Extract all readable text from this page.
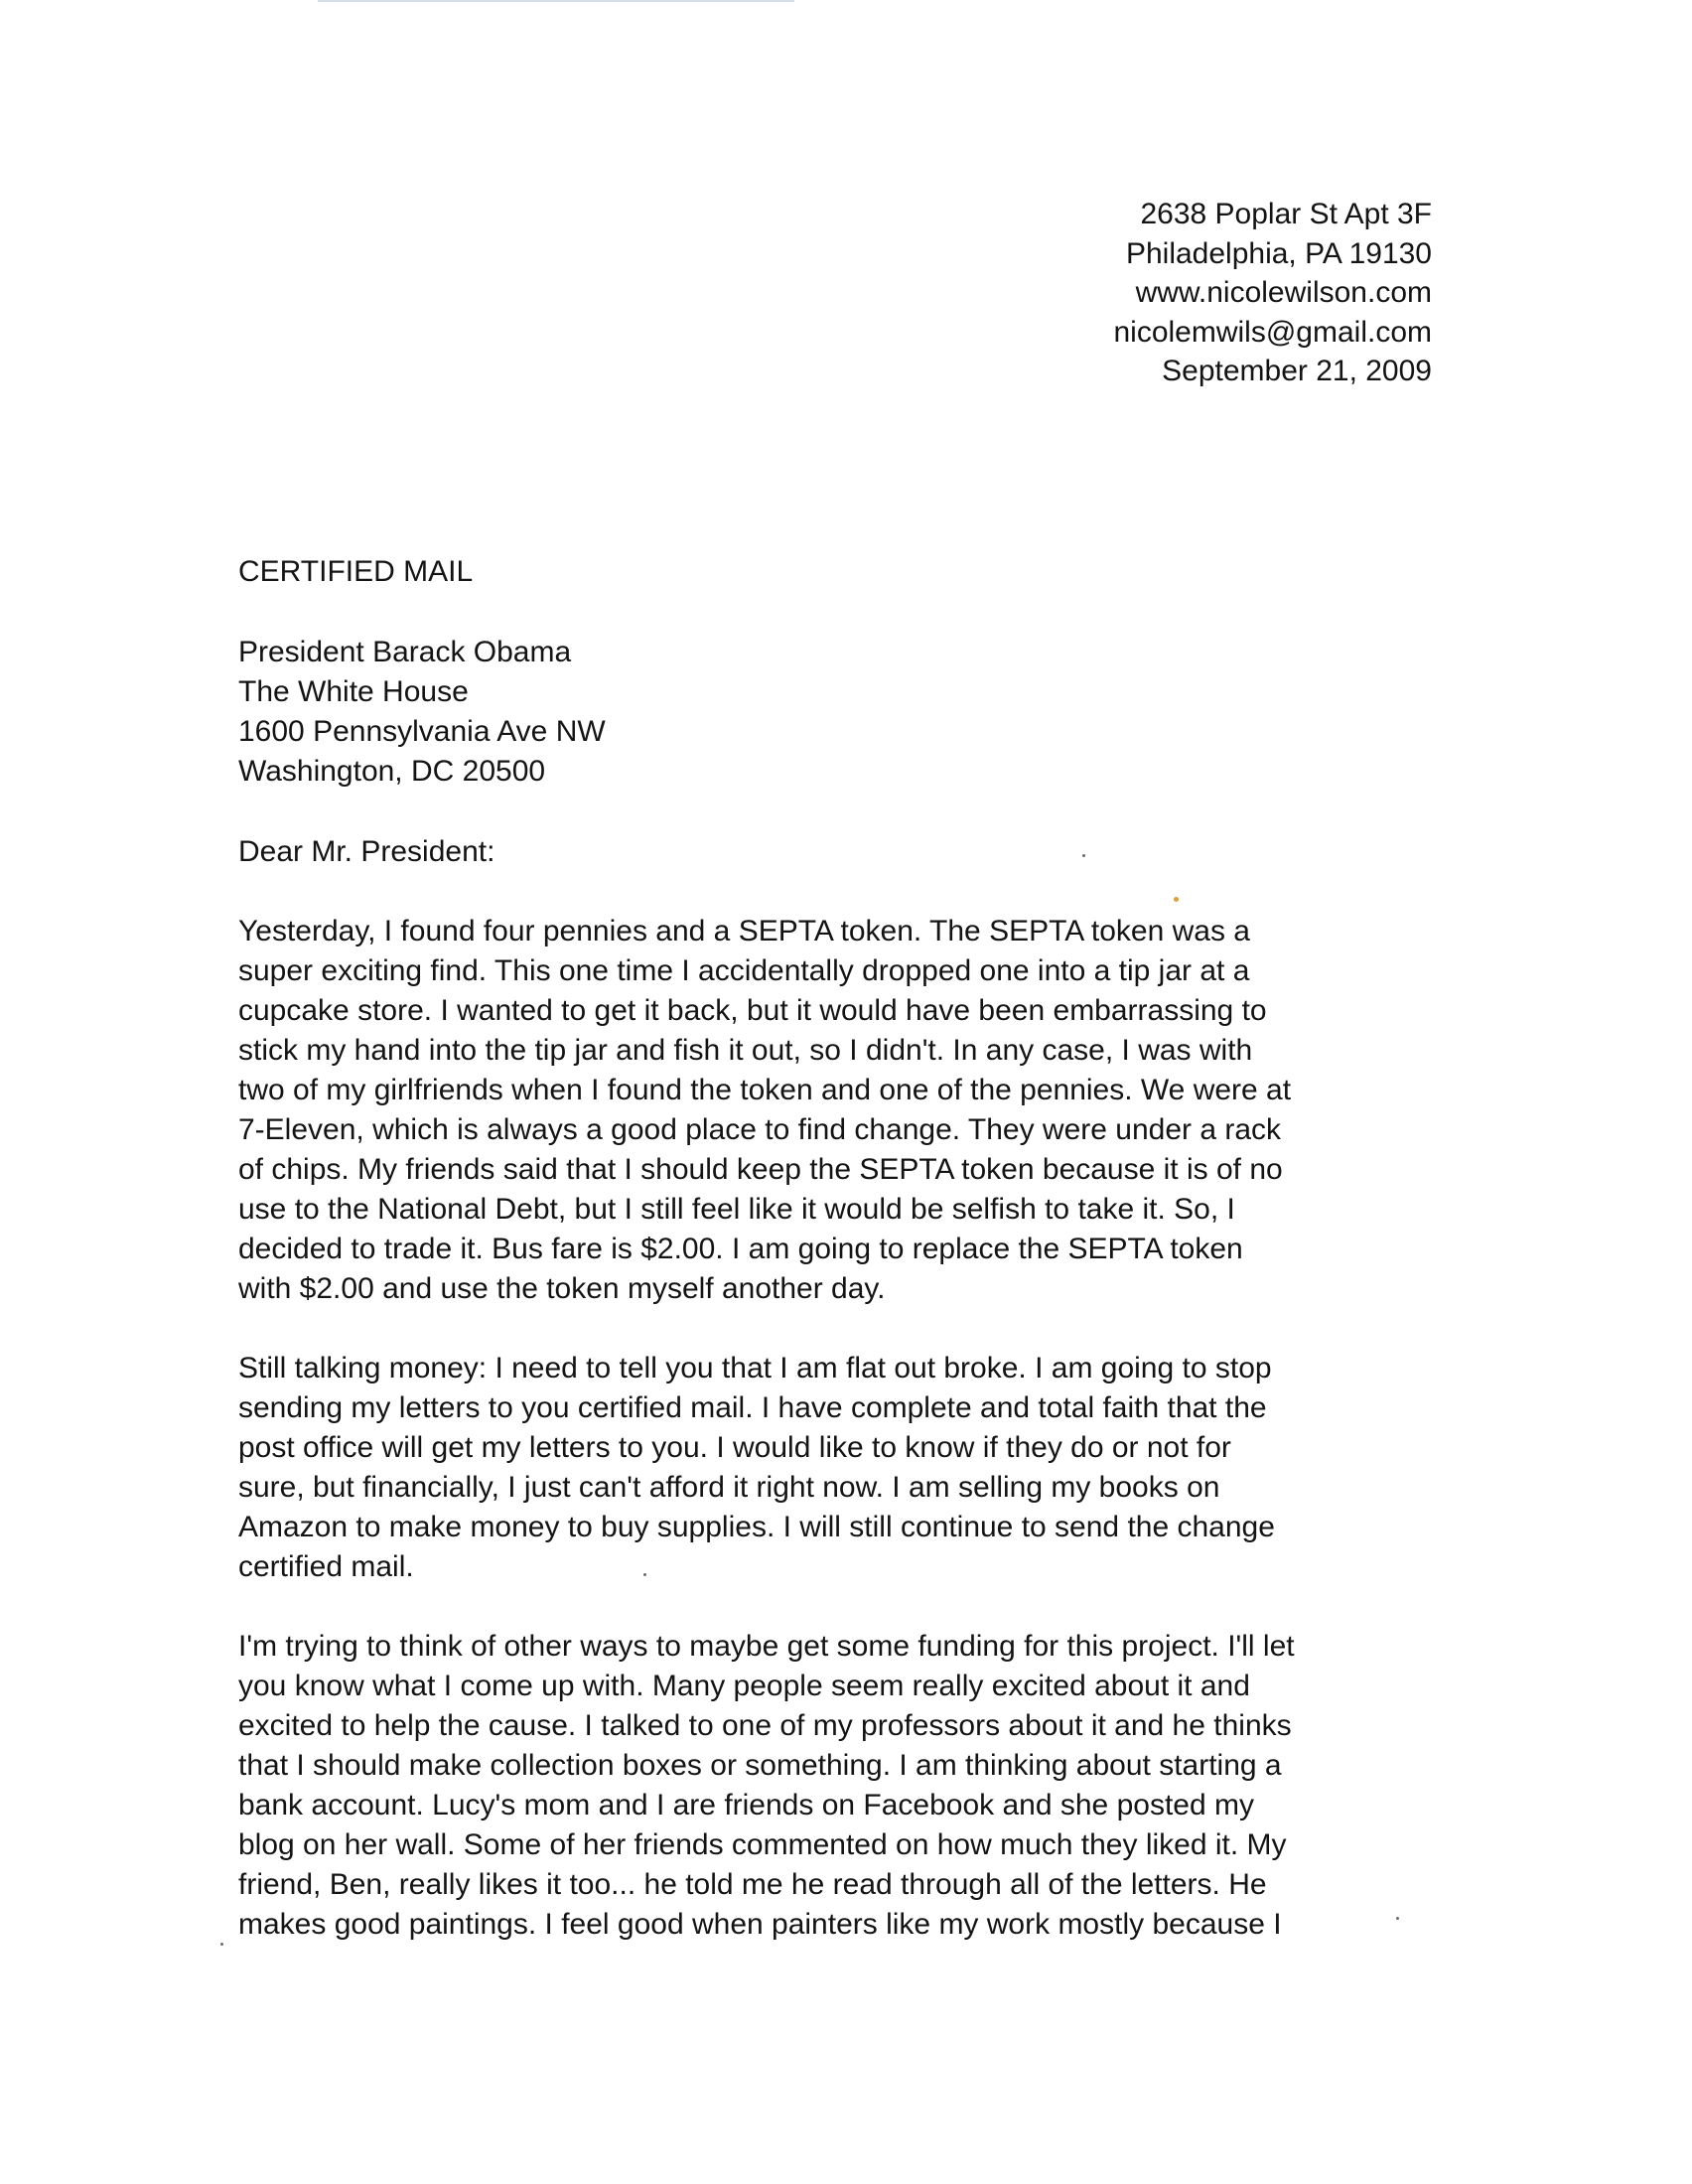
2638 Poplar St Apt 3F
Philadelphia, PA 19130
www.nicolewilson.com
nicolemwils@gmail.com
September 21, 2009
CERTIFIED MAIL
President Barack Obama
The White House
1600 Pennsylvania Ave NW
Washington, DC 20500
Dear Mr. President:
Yesterday, I found four pennies and a SEPTA token. The SEPTA token was a
super exciting find. This one time I accidentally dropped one into a tip jar at a
cupcake store. I wanted to get it back, but it would have been embarrassing to
stick my hand into the tip jar and fish it out, so I didn't. In any case, I was with
two of my girlfriends when I found the token and one of the pennies. We were at
7-Eleven, which is always a good place to find change. They were under a rack
of chips. My friends said that I should keep the SEPTA token because it is of no
use to the National Debt, but I still feel like it would be selfish to take it. So, I
decided to trade it. Bus fare is $2.00. I am going to replace the SEPTA token
with $2.00 and use the token myself another day.
Still talking money: I need to tell you that I am flat out broke. I am going to stop
sending my letters to you certified mail. I have complete and total faith that the
post office will get my letters to you. I would like to know if they do or not for
sure, but financially, I just can't afford it right now. I am selling my books on
Amazon to make money to buy supplies. I will still continue to send the change
certified mail.
I'm trying to think of other ways to maybe get some funding for this project. I'll let
you know what I come up with. Many people seem really excited about it and
excited to help the cause. I talked to one of my professors about it and he thinks
that I should make collection boxes or something. I am thinking about starting a
bank account. Lucy's mom and I are friends on Facebook and she posted my
blog on her wall. Some of her friends commented on how much they liked it. My
friend, Ben, really likes it too... he told me he read through all of the letters. He
makes good paintings. I feel good when painters like my work mostly because I
